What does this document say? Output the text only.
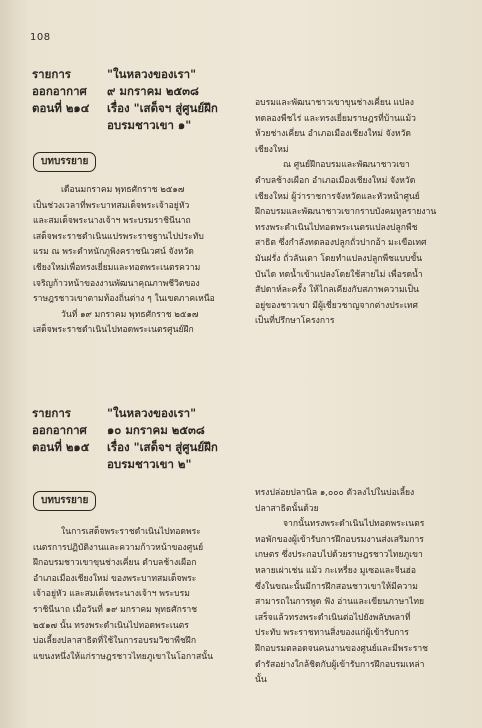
108
รายการ	"ในหลวงของเรา"
ออกอากาศ	๙ มกราคม ๒๕๓๘
ตอนที่ ๒๑๔	เรื่อง "เสด็จฯ สู่ศูนย์ฝึก
อบรมชาวเขา ๑"
บทบรรยาย
เดือนมกราคม พุทธศักราช ๒๕๑๗
เป็นช่วงเวลาที่พระบาทสมเด็จพระเจ้าอยู่หัว
และสมเด็จพระนางเจ้าฯ พระบรมราชินีนาถ
เสด็จพระราชดำเนินแปรพระราชฐานไปประทับ
แรม ณ พระตำหนักภูพิงคราชนิเวศน์ จังหวัด
เชียงใหม่เพื่อทรงเยี่ยมและทอดพระเนตรความ
เจริญก้าวหน้าของงานพัฒนาคุณภาพชีวิตของ
ราษฎรชาวเขาตามท้องถิ่นต่าง ๆ ในเขตภาคเหนือ
วันที่ ๑๙ มกราคม พุทธศักราช ๒๕๑๗
เสด็จพระราชดำเนินไปทอดพระเนตรศูนย์ฝึก
อบรมและพัฒนาชาวเขาขุนช่างเคี่ยน แปลง
ทดลองพืชไร่ และทรงเยี่ยมราษฎรที่บ้านแม้ว
ห้วยช่างเคี่ยน อำเภอเมืองเชียงใหม่ จังหวัด
เชียงใหม่
ณ ศูนย์ฝึกอบรมและพัฒนาชาวเขา
ตำบลช้างเผือก อำเภอเมืองเชียงใหม่ จังหวัด
เชียงใหม่ ผู้ว่าราชการจังหวัดและหัวหน้าศูนย์
ฝึกอบรมและพัฒนาชาวเขากราบบังคมทูลรายงาน
ทรงพระดำเนินไปทอดพระเนตรแปลงปลูกพืช
สาธิต ซึ่งกำลังทดลองปลูกถั่วปากอ้า มะเขือเทศ
มันฝรั่ง ถั่วลันเตา โดยทำแปลงปลูกพืชแบบขั้น
บันได ทดน้ำเข้าแปลงโดยใช้สายไม่ เพื่อรดน้ำ
สัปดาห์ละครั้ง ให้ไกลเคียงกับสภาพความเป็น
อยู่ของชาวเขา มีผู้เชี่ยวชาญจากต่างประเทศ
เป็นที่ปรึกษาโครงการ
รายการ	"ในหลวงของเรา"
ออกอากาศ	๑๐ มกราคม ๒๕๓๘
ตอนที่ ๒๑๕	เรื่อง "เสด็จฯ สู่ศูนย์ฝึก
อบรมชาวเขา ๒"
บทบรรยาย
ในการเสด็จพระราชดำเนินไปทอดพระ
เนตรการปฏิบัติงานและความก้าวหน้าของศูนย์
ฝึกอบรมชาวเขาขุนช่างเคี่ยน ตำบลช้างเผือก
อำเภอเมืองเชียงใหม่ ของพระบาทสมเด็จพระ
เจ้าอยู่หัว และสมเด็จพระนางเจ้าฯ พระบรม
ราชินีนาถ เมื่อวันที่ ๑๙ มกราคม พุทธศักราช
๒๕๑๗ นั้น ทรงพระดำเนินไปทอดพระเนตร
บ่อเลี้ยงปลาสาธิตที่ใช้ในการอบรมวิชาพืชฝึก
แขนงหนึ่งให้แก่ราษฎรชาวไทยภูเขาในโอกาสนั้น
ทรงปล่อยปลานิล ๑,๐๐๐ ตัวลงไปในบ่อเลี้ยง
ปลาสาธิตนั้นด้วย
จากนั้นทรงพระดำเนินไปทอดพระเนตร
หอพักของผู้เข้ารับการฝึกอบรมงานส่งเสริมการ
เกษตร ซึ่งประกอบไปด้วยราษฎรชาวไทยภูเขา
หลายเผ่าเช่น แม้ว กะเหรี่ยง มูเซอและจีนฮ่อ
ซึ่งในขณะนั้นมีการฝึกสอนชาวเขาให้มีความ
สามารถในการพูด ฟัง อ่านและเขียนภาษาไทย
เสร็จแล้วทรงพระดำเนินต่อไปยังพลับพลาที่
ประทับ พระราชทานสิ่งของแก่ผู้เข้ารับการ
ฝึกอบรมตลอดจนคนงานของศูนย์และมีพระราช
ดำรัสอย่างใกล้ชิดกับผู้เข้ารับการฝึกอบรมเหล่า
นั้น
